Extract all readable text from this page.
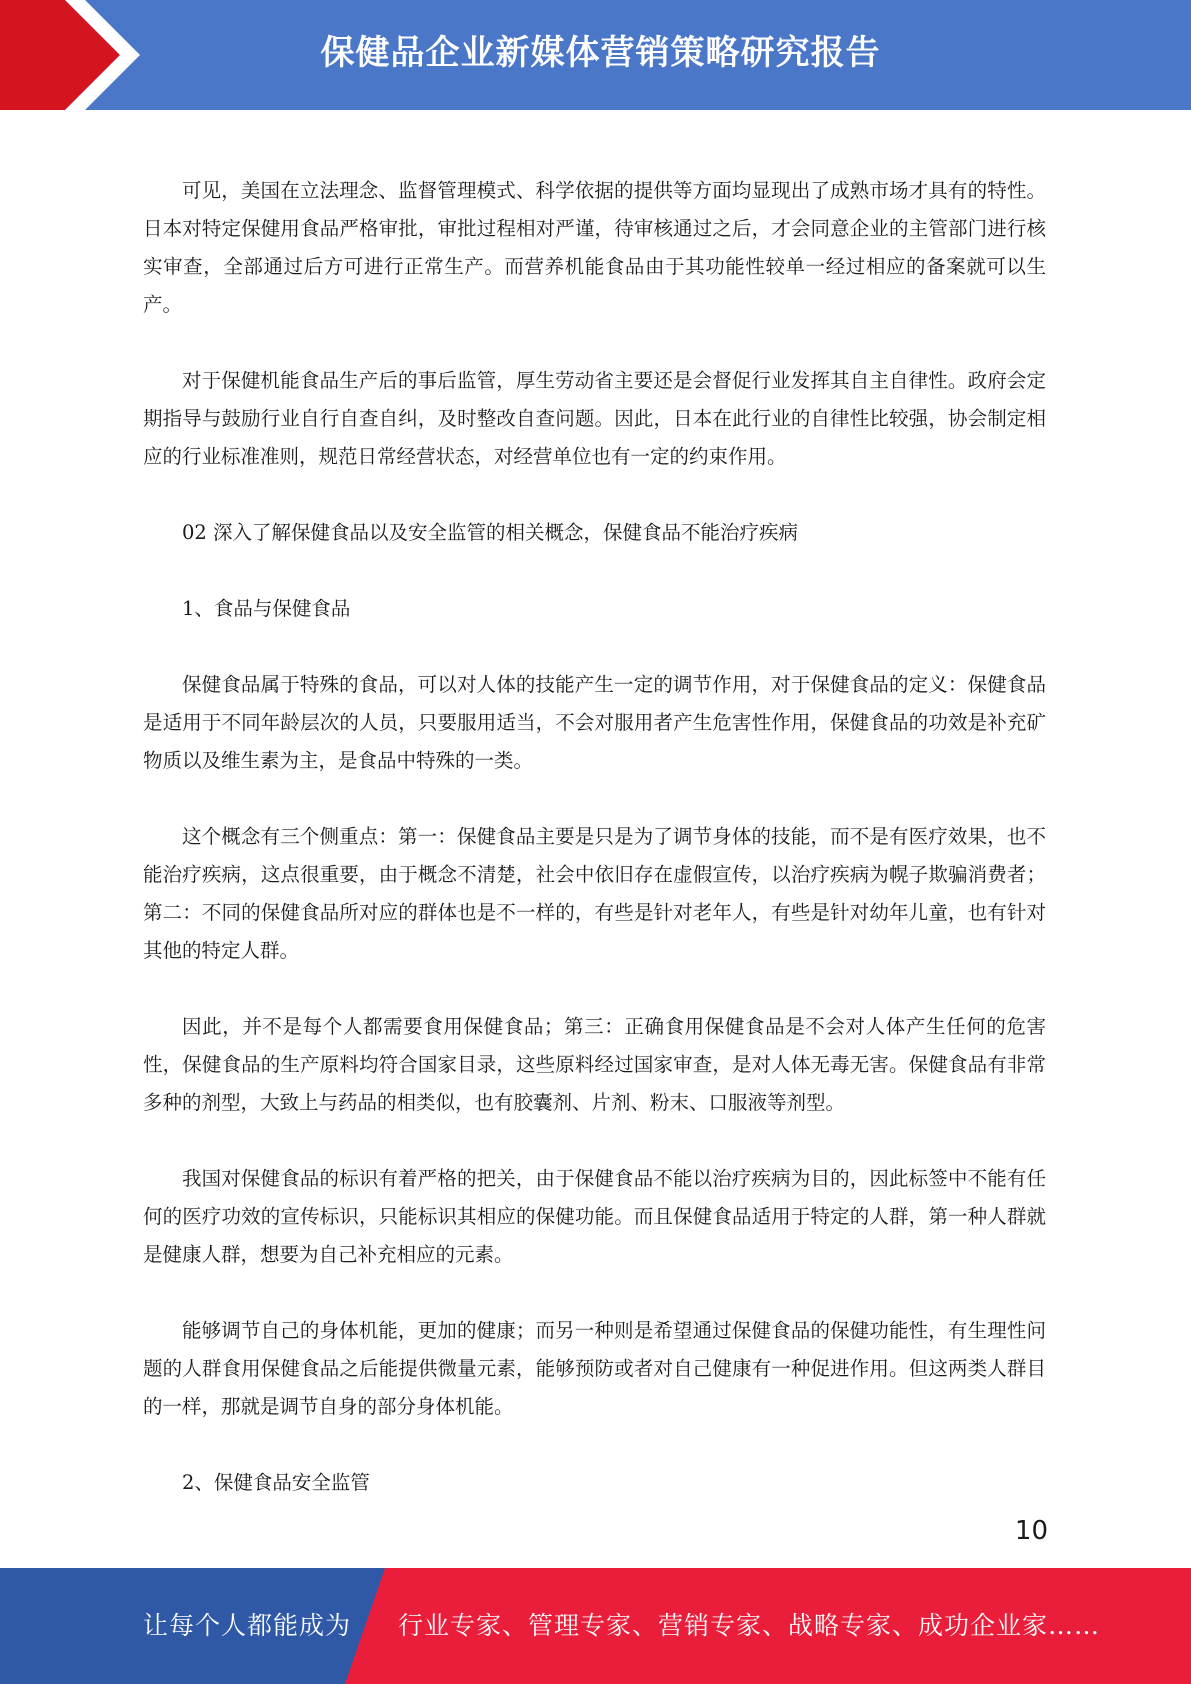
保健品企业新媒体营销策略研究报告

可见，美国在立法理念、监督管理模式、科学依据的提供等方面均显现出了成熟市场才具有的特性。日本对特定保健用食品严格审批，审批过程相对严谨，待审核通过之后，才会同意企业的主管部门进行核实审查，全部通过后方可进行正常生产。而营养机能食品由于其功能性较单一经过相应的备案就可以生产。

对于保健机能食品生产后的事后监管，厚生劳动省主要还是会督促行业发挥其自主自律性。政府会定期指导与鼓励行业自行自查自纠，及时整改自查问题。因此，日本在此行业的自律性比较强，协会制定相应的行业标准准则，规范日常经营状态，对经营单位也有一定的约束作用。

02 深入了解保健食品以及安全监管的相关概念，保健食品不能治疗疾病

1、食品与保健食品

保健食品属于特殊的食品，可以对人体的技能产生一定的调节作用，对于保健食品的定义：保健食品是适用于不同年龄层次的人员，只要服用适当，不会对服用者产生危害性作用，保健食品的功效是补充矿物质以及维生素为主，是食品中特殊的一类。

这个概念有三个侧重点：第一：保健食品主要是只是为了调节身体的技能，而不是有医疗效果，也不能治疗疾病，这点很重要，由于概念不清楚，社会中依旧存在虚假宣传，以治疗疾病为幌子欺骗消费者；第二：不同的保健食品所对应的群体也是不一样的，有些是针对老年人，有些是针对幼年儿童，也有针对其他的特定人群。

因此，并不是每个人都需要食用保健食品；第三：正确食用保健食品是不会对人体产生任何的危害性，保健食品的生产原料均符合国家目录，这些原料经过国家审查，是对人体无毒无害。保健食品有非常多种的剂型，大致上与药品的相类似，也有胶囊剂、片剂、粉末、口服液等剂型。

我国对保健食品的标识有着严格的把关，由于保健食品不能以治疗疾病为目的，因此标签中不能有任何的医疗功效的宣传标识，只能标识其相应的保健功能。而且保健食品适用于特定的人群，第一种人群就是健康人群，想要为自己补充相应的元素。

能够调节自己的身体机能，更加的健康；而另一种则是希望通过保健食品的保健功能性，有生理性问题的人群食用保健食品之后能提供微量元素，能够预防或者对自己健康有一种促进作用。但这两类人群目的一样，那就是调节自身的部分身体机能。

2、保健食品安全监管

10
让每个人都能成为 行业专家、管理专家、营销专家、战略专家、成功企业家……
